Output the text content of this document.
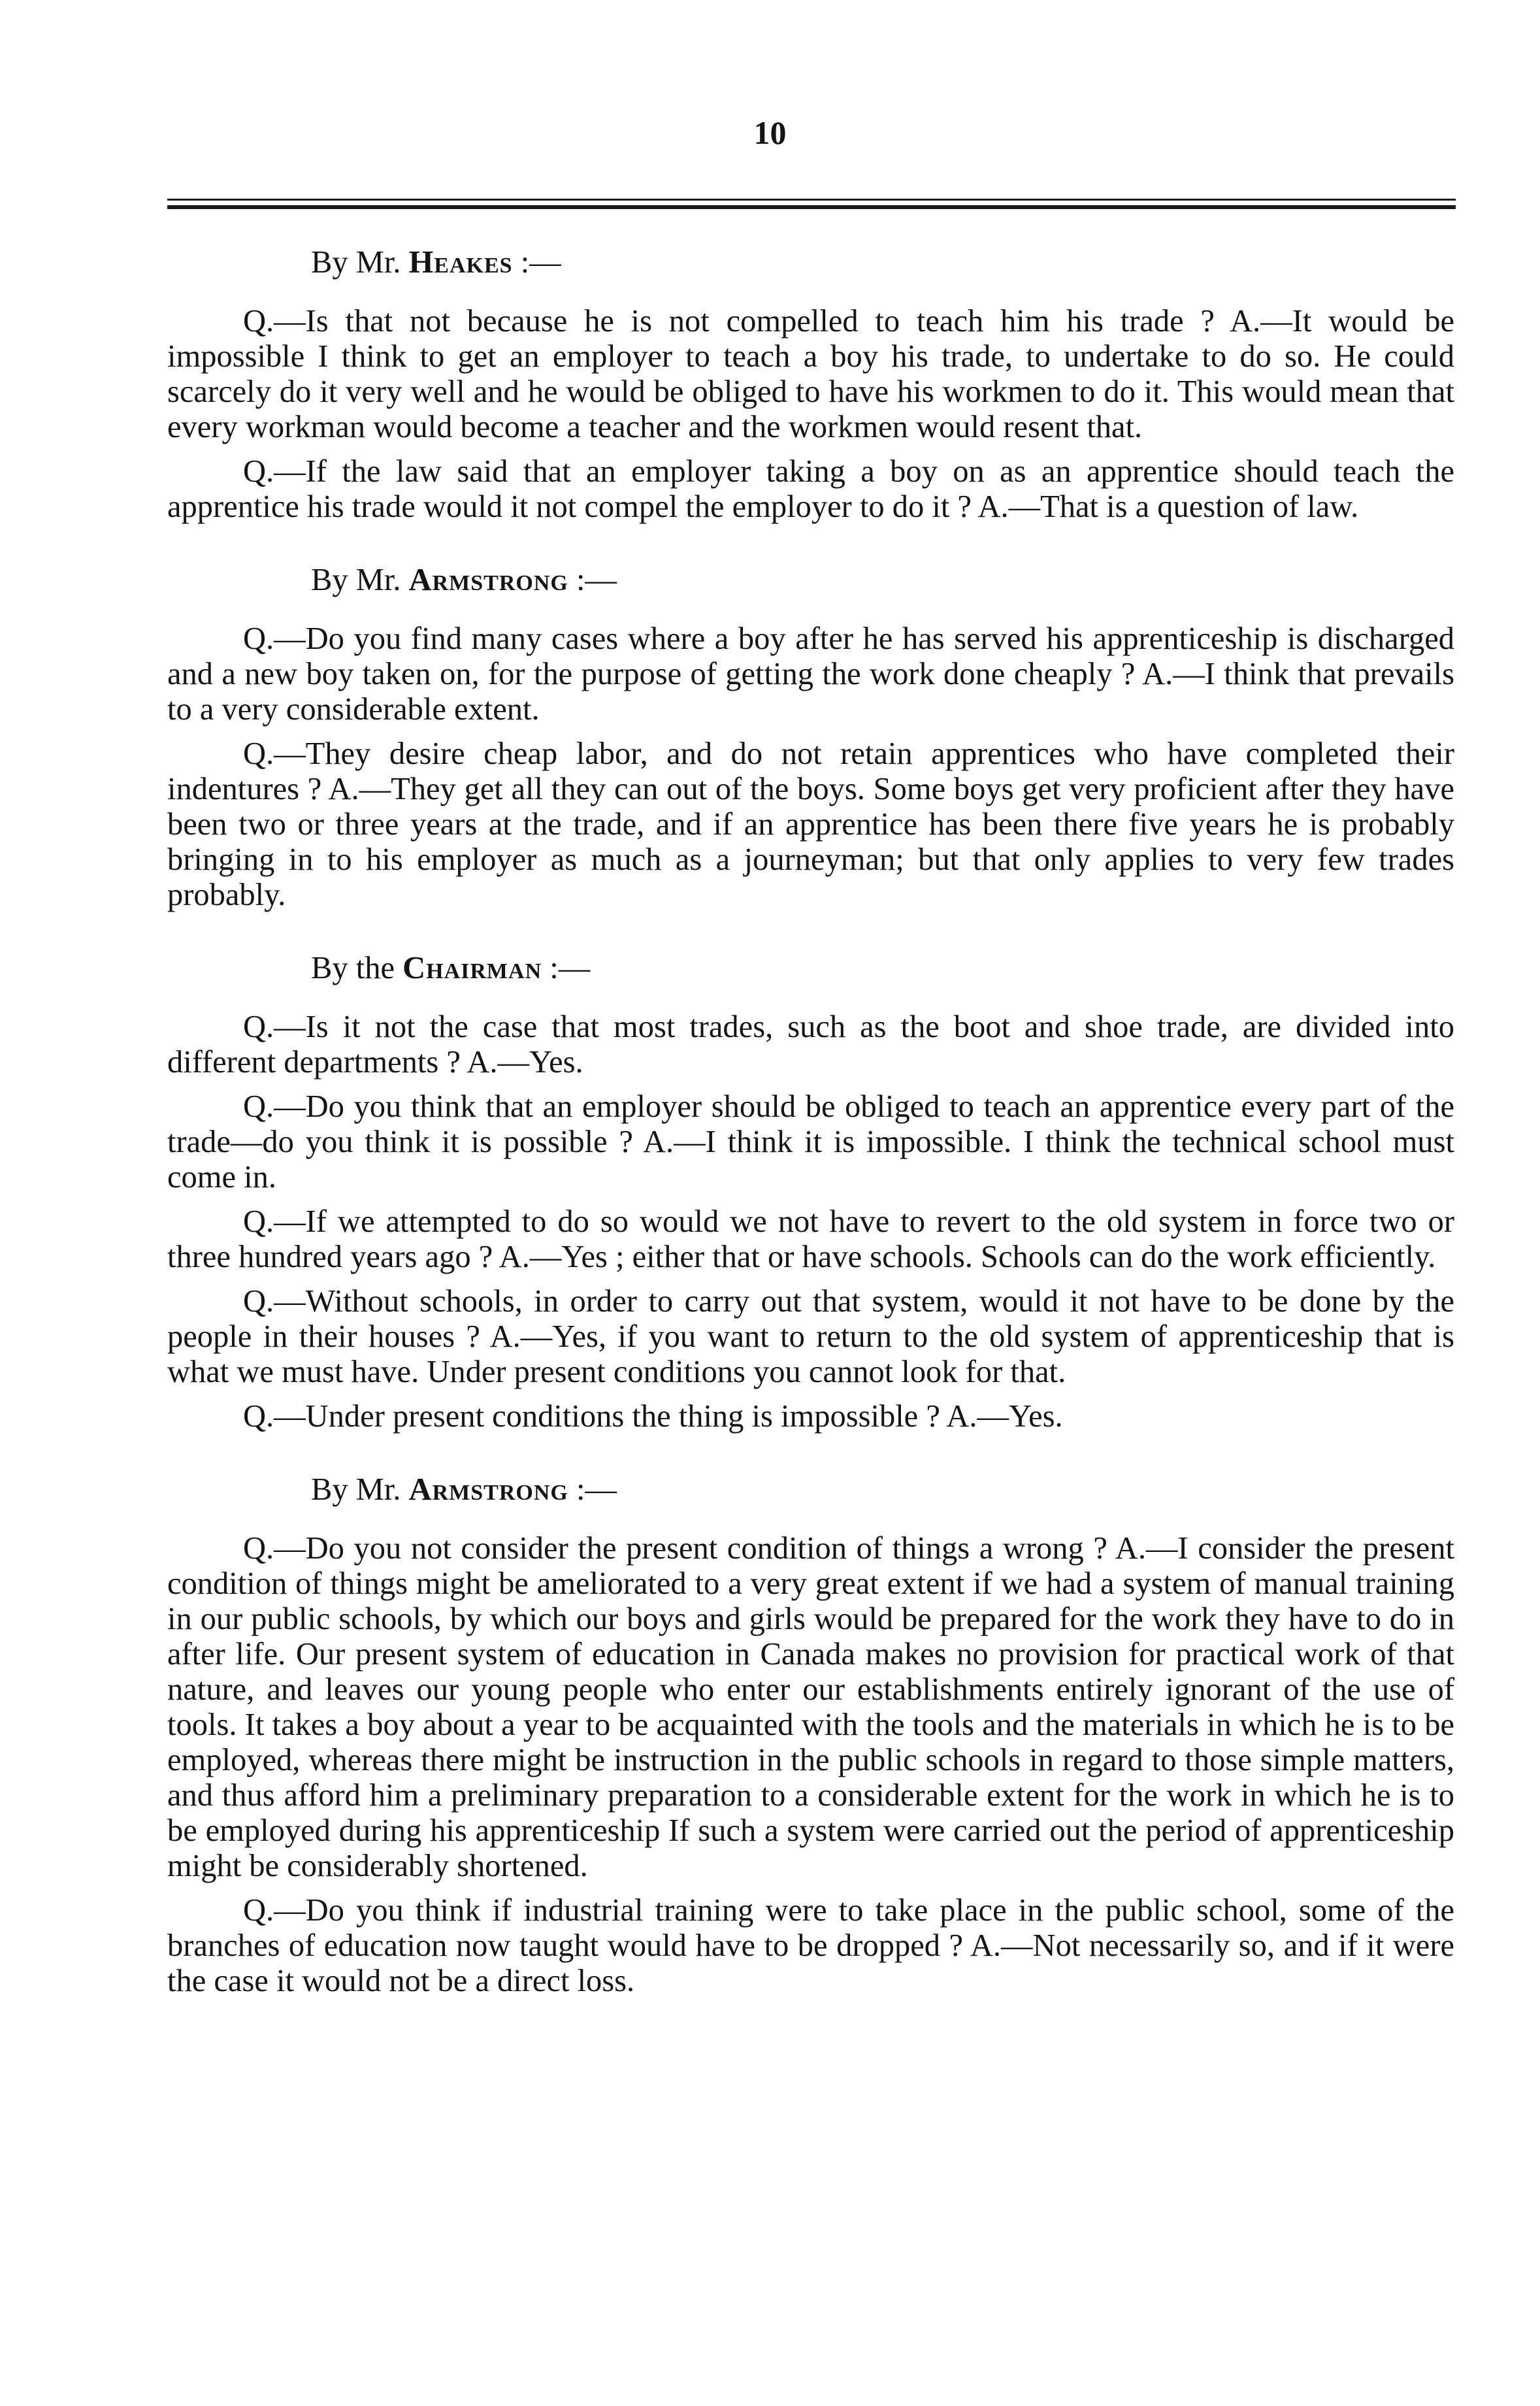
10

By Mr. Heakes :—

Q.—Is that not because he is not compelled to teach him his trade ? A.—It would be impossible I think to get an employer to teach a boy his trade, to undertake to do so. He could scarcely do it very well and he would be obliged to have his workmen to do it. This would mean that every workman would become a teacher and the workmen would resent that.

Q.—If the law said that an employer taking a boy on as an apprentice should teach the apprentice his trade would it not compel the employer to do it ? A.—That is a question of law.

By Mr. Armstrong :—

Q.—Do you find many cases where a boy after he has served his apprenticeship is discharged and a new boy taken on, for the purpose of getting the work done cheaply ? A.—I think that prevails to a very considerable extent.

Q.—They desire cheap labor, and do not retain apprentices who have completed their indentures ? A.—They get all they can out of the boys. Some boys get very proficient after they have been two or three years at the trade, and if an apprentice has been there five years he is probably bringing in to his employer as much as a journeyman; but that only applies to very few trades probably.

By the Chairman :—

Q.—Is it not the case that most trades, such as the boot and shoe trade, are divided into different departments ? A.—Yes.

Q.—Do you think that an employer should be obliged to teach an apprentice every part of the trade—do you think it is possible ? A.—I think it is impossible. I think the technical school must come in.

Q.—If we attempted to do so would we not have to revert to the old system in force two or three hundred years ago ? A.—Yes ; either that or have schools. Schools can do the work efficiently.

Q.—Without schools, in order to carry out that system, would it not have to be done by the people in their houses ? A.—Yes, if you want to return to the old system of apprenticeship that is what we must have. Under present conditions you cannot look for that.

Q.—Under present conditions the thing is impossible ? A.—Yes.

By Mr. Armstrong :—

Q.—Do you not consider the present condition of things a wrong ? A.—I consider the present condition of things might be ameliorated to a very great extent if we had a system of manual training in our public schools, by which our boys and girls would be prepared for the work they have to do in after life. Our present system of education in Canada makes no provision for practical work of that nature, and leaves our young people who enter our establishments entirely ignorant of the use of tools. It takes a boy about a year to be acquainted with the tools and the materials in which he is to be employed, whereas there might be instruction in the public schools in regard to those simple matters, and thus afford him a preliminary preparation to a considerable extent for the work in which he is to be employed during his apprenticeship If such a system were carried out the period of apprenticeship might be considerably shortened.

Q.—Do you think if industrial training were to take place in the public school, some of the branches of education now taught would have to be dropped ? A.—Not necessarily so, and if it were the case it would not be a direct loss.
